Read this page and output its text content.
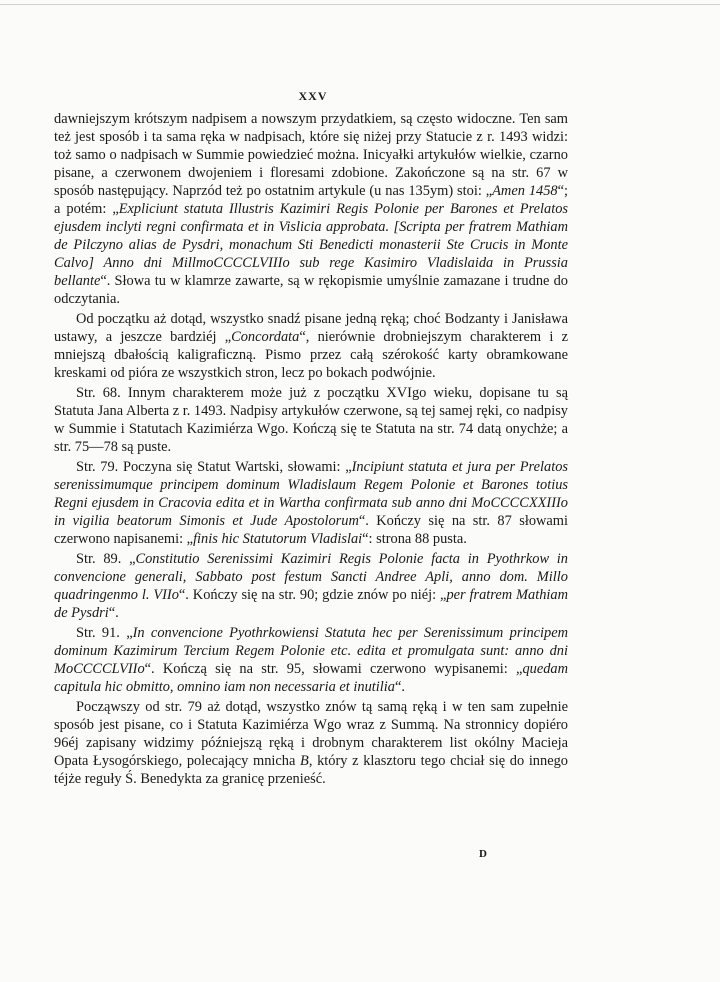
XXV

dawniejszym krótszym nadpisem a nowszym przydatkiem, są często widoczne. Ten sam też jest sposób i ta sama ręka w nadpisach, które się niżej przy Statucie z r. 1493 widzi: toż samo o nadpisach w Summie powiedzieć można. Inicyałki artykułów wielkie, czarno pisane, a czerwonem dwojeniem i floresami zdobione. Zakończone są na str. 67 w sposób następujący. Naprzód też po ostatnim artykule (u nas 135ym) stoi: „Amen 1458“; a potém: „Expliciunt statuta Illustris Kazimiri Regis Polonie per Barones et Prelatos ejusdem inclyti regni confirmata et in Vislicia approbata. [Scripta per fratrem Mathiam de Pilczyno alias de Pysdri, monachum Sti Benedicti monasterii Ste Crucis in Monte Calvo] Anno dni MillmoCCCCLVIIIo sub rege Kasimiro Vladislaida in Prussia bellante“. Słowa tu w klamrze zawarte, są w rękopismie umyślnie zamazane i trudne do odczytania.

Od początku aż dotąd, wszystko snadź pisane jedną ręką; choć Bodzanty i Janisława ustawy, a jeszcze bardziéj „Concordata“, nierównie drobniejszym charakterem i z mniejszą dbałością kaligraficzną. Pismo przez całą szérokość karty obramkowane kreskami od pióra ze wszystkich stron, lecz po bokach podwójnie.

Str. 68. Innym charakterem może już z początku XVIgo wieku, dopisane tu są Statuta Jana Alberta z r. 1493. Nadpisy artykułów czerwone, są tej samej ręki, co nadpisy w Summie i Statutach Kazimiérza Wgo. Kończą się te Statuta na str. 74 datą onychże; a str. 75—78 są puste.

Str. 79. Poczyna się Statut Wartski, słowami: „Incipiunt statuta et jura per Prelatos serenissimumque principem dominum Wladislaum Regem Polonie et Barones totius Regni ejusdem in Cracovia edita et in Wartha confirmata sub anno dni MoCCCCXXIIIo in vigilia beatorum Simonis et Jude Apostolorum“. Kończy się na str. 87 słowami czerwono napisanemi: „finis hic Statutorum Vladislai“: strona 88 pusta.

Str. 89. „Constitutio Serenissimi Kazimiri Regis Polonie facta in Pyothrkow in convencione generali, Sabbato post festum Sancti Andree Apli, anno dom. Millo quadringenmo l. VIIo“. Kończy się na str. 90; gdzie znów po niéj: „per fratrem Mathiam de Pysdri“.

Str. 91. „In convencione Pyothrkowiensi Statuta hec per Serenissimum principem dominum Kazimirum Tercium Regem Polonie etc. edita et promulgata sunt: anno dni MoCCCCLVIIo“. Kończą się na str. 95, słowami czerwono wypisanemi: „quedam capitula hic obmitto, omnino iam non necessaria et inutilia“.

Począwszy od str. 79 aż dotąd, wszystko znów tą samą ręką i w ten sam zupełnie sposób jest pisane, co i Statuta Kazimiérza Wgo wraz z Summą. Na stronnicy dopiéro 96éj zapisany widzimy późniejszą ręką i drobnym charakterem list okólny Macieja Opata Łysogórskiego, polecający mnicha B, który z klasztoru tego chciał się do innego téjże reguły Ś. Benedykta za granicę przenieść.

D
